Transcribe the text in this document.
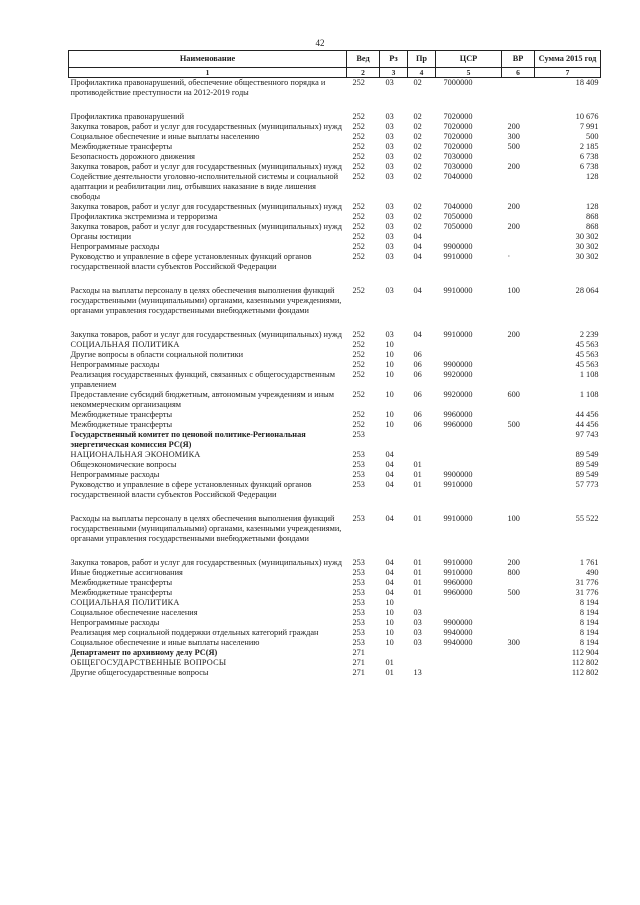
42
Наименование	Вед	Рз	Пр	ЦСР	ВР	Сумма 2015 год
1	2	3	4	5	6	7
Профилактика правонарушений, обеспечение общественного порядка и противодействие преступности на 2012-2019 годы	252	03	02	7000000		18 409

Профилактика правонарушений	252	03	02	7020000		10 676
Закупка товаров, работ и услуг для государственных (муниципальных) нужд	252	03	02	7020000	200	7 991
Социальное обеспечение и иные выплаты населению	252	03	02	7020000	300	500
Межбюджетные трансферты	252	03	02	7020000	500	2 185
Безопасность дорожного движения	252	03	02	7030000		6 738
Закупка товаров, работ и услуг для государственных (муниципальных) нужд	252	03	02	7030000	200	6 738
Содействие деятельности уголовно-исполнительной системы и социальной адаптации и реабилитации лиц, отбывших наказание в виде лишения свободы	252	03	02	7040000		128
Закупка товаров, работ и услуг для государственных (муниципальных) нужд	252	03	02	7040000	200	128
Профилактика экстремизма и терроризма	252	03	02	7050000		868
Закупка товаров, работ и услуг для государственных (муниципальных) нужд	252	03	02	7050000	200	868
Органы юстиции	252	03	04			30 302
Непрограммные расходы	252	03	04	9900000		30 302
Руководство и управление в сфере установленных функций органов государственной власти субъектов Российской Федерации	252	03	04	9910000	·	30 302

Расходы на выплаты персоналу в целях обеспечения выполнения функций государственными (муниципальными) органами, казенными учреждениями, органами управления государственными внебюджетными фондами	252	03	04	9910000	100	28 064

Закупка товаров, работ и услуг для государственных (муниципальных) нужд	252	03	04	9910000	200	2 239
СОЦИАЛЬНАЯ ПОЛИТИКА	252	10				45 563
Другие вопросы в области социальной политики	252	10	06			45 563
Непрограммные расходы	252	10	06	9900000		45 563
Реализация государственных функций, связанных с общегосударственным управлением	252	10	06	9920000		1 108
Предоставление субсидий бюджетным, автономным учреждениям и иным некоммерческим организациям	252	10	06	9920000	600	1 108
Межбюджетные трансферты	252	10	06	9960000		44 456
Межбюджетные трансферты	252	10	06	9960000	500	44 456
Государственный комитет по ценовой политике-Региональная энергетическая комиссия РС(Я)	253					97 743
НАЦИОНАЛЬНАЯ ЭКОНОМИКА	253	04				89 549
Общеэкономические вопросы	253	04	01			89 549
Непрограммные расходы	253	04	01	9900000		89 549
Руководство и управление в сфере установленных функций органов государственной власти субъектов Российской Федерации	253	04	01	9910000		57 773

Расходы на выплаты персоналу в целях обеспечения выполнения функций государственными (муниципальными) органами, казенными учреждениями, органами управления государственными внебюджетными фондами	253	04	01	9910000	100	55 522

Закупка товаров, работ и услуг для государственных (муниципальных) нужд	253	04	01	9910000	200	1 761
Иные бюджетные ассигнования	253	04	01	9910000	800	490
Межбюджетные трансферты	253	04	01	9960000		31 776
Межбюджетные трансферты	253	04	01	9960000	500	31 776
СОЦИАЛЬНАЯ ПОЛИТИКА	253	10				8 194
Социальное обеспечение населения	253	10	03			8 194
Непрограммные расходы	253	10	03	9900000		8 194
Реализация мер социальной поддержки отдельных категорий граждан	253	10	03	9940000		8 194
Социальное обеспечение и иные выплаты населению	253	10	03	9940000	300	8 194
Департамент по архивному делу РС(Я)	271					112 904
ОБЩЕГОСУДАРСТВЕННЫЕ ВОПРОСЫ	271	01				112 802
Другие общегосударственные вопросы	271	01	13			112 802
